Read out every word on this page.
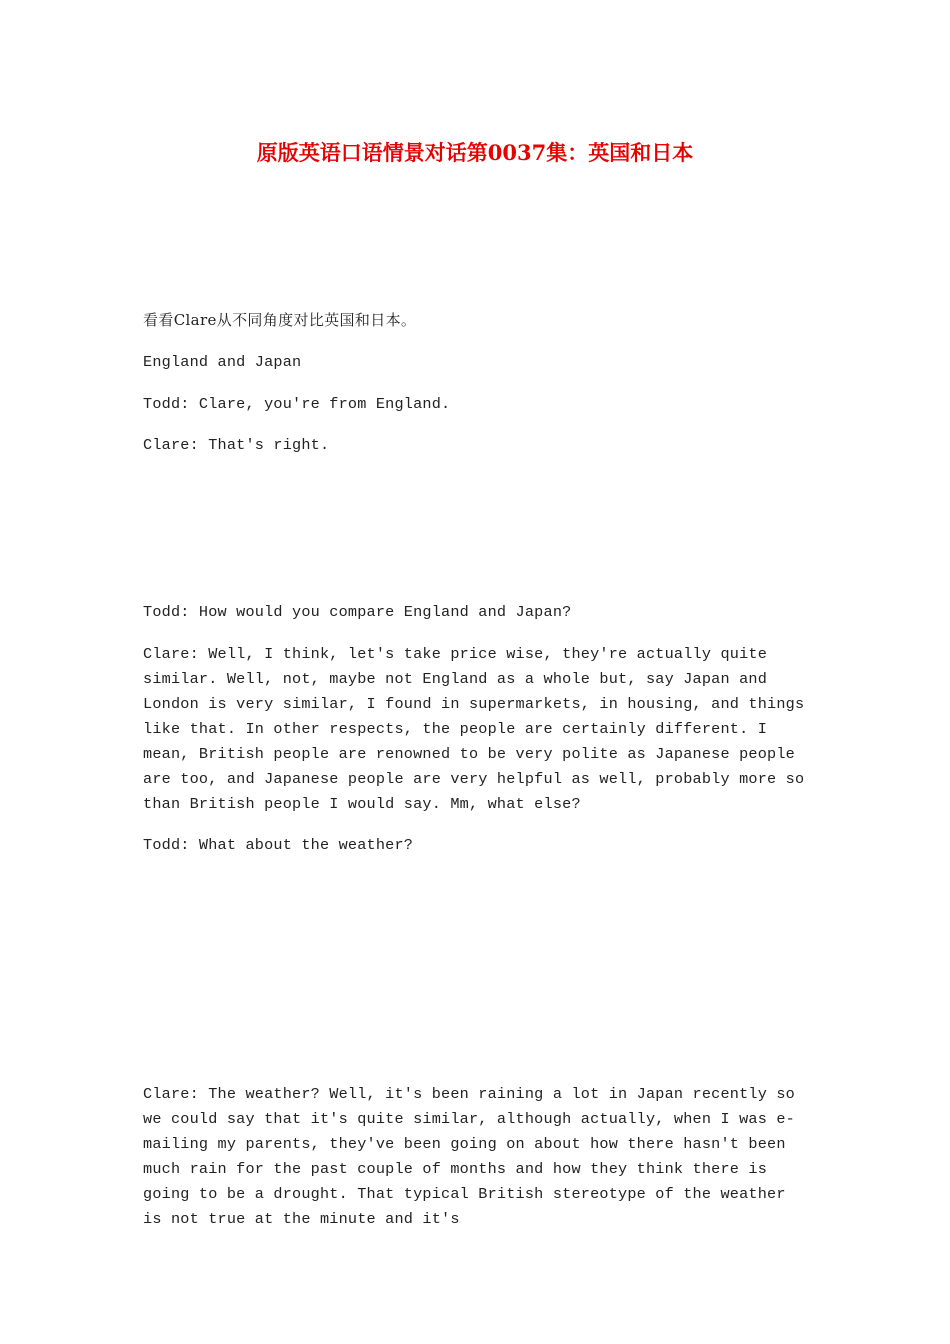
原版英语口语情景对话第0037集：英国和日本

看看Clare从不同角度对比英国和日本。

England and Japan

Todd: Clare, you're from England.

Clare: That's right.

Todd: How would you compare England and Japan?

Clare: Well, I think, let's take price wise, they're actually quite similar. Well, not, maybe not England as a whole but, say Japan and London is very similar, I found in supermarkets, in housing, and things like that. In other respects, the people are certainly different. I mean, British people are renowned to be very polite as Japanese people are too, and Japanese people are very helpful as well, probably more so than British people I would say. Mm, what else?

Todd: What about the weather?

Clare: The weather? Well, it's been raining a lot in Japan recently so we could say that it's quite similar, although actually, when I was e-mailing my parents, they've been going on about how there hasn't been much rain for the past couple of months and how they think there is going to be a drought. That typical British stereotype of the weather is not true at the minute and it's
